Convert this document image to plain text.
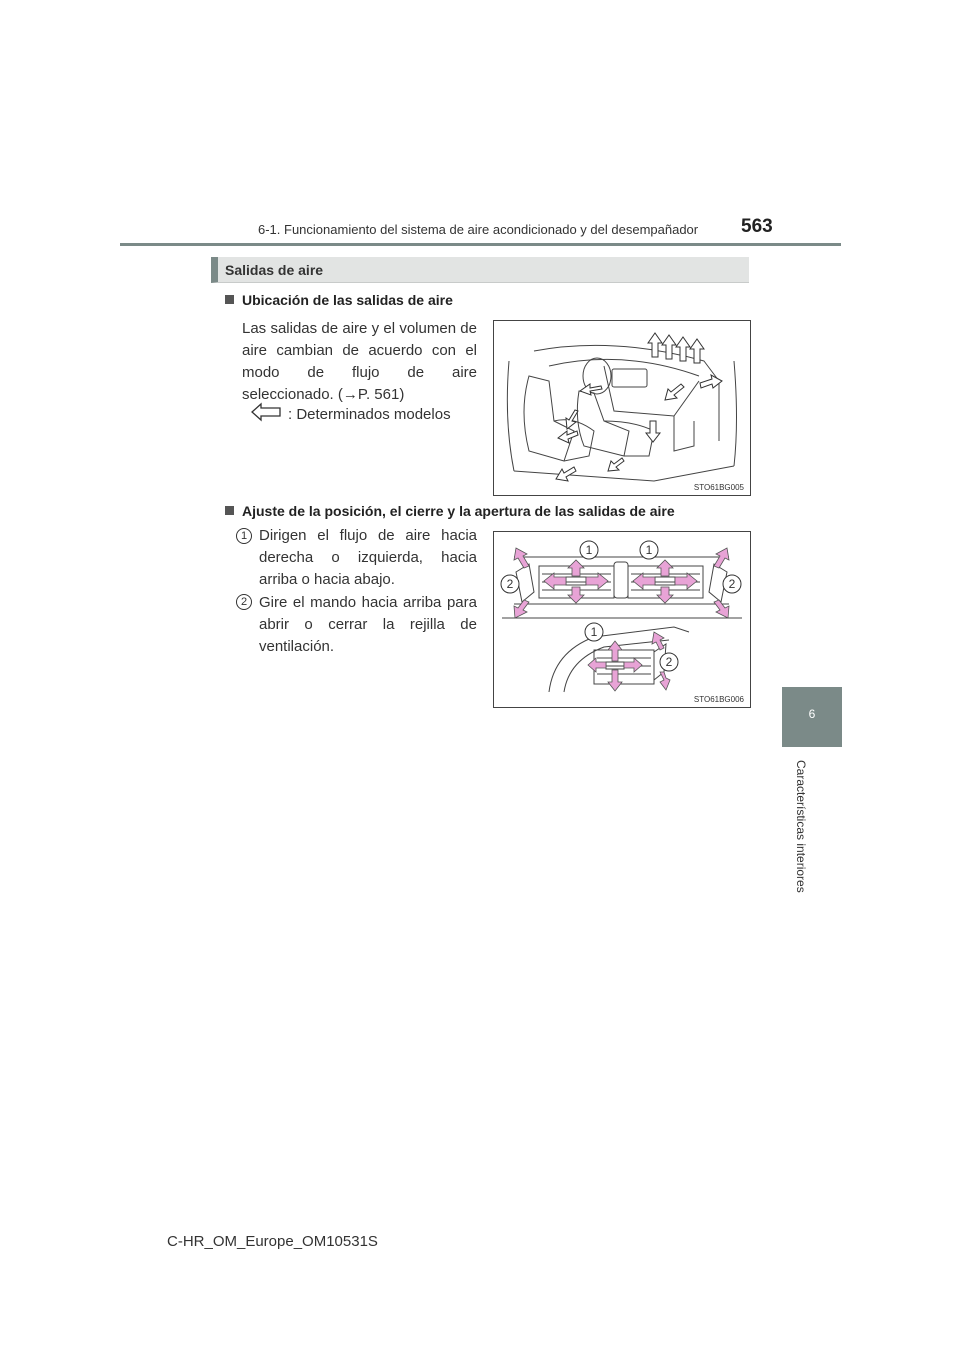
6-1. Funcionamiento del sistema de aire acondicionado y del desempañador 563
6
Características interiores
Salidas de aire
Ubicación de las salidas de aire
Las salidas de aire y el volumen de
aire cambian de acuerdo con el
modo de flujo de aire
seleccionado. (→P. 561)
: Determinados modelos
STO61BG005
Ajuste de la posición, el cierre y la apertura de las salidas de aire
1 Dirigen el flujo de aire hacia
derecha o izquierda, hacia
arriba o hacia abajo.
2 Gire el mando hacia arriba para
abrir o cerrar la rejilla de
ventilación.
1	1
2	2
1
2
STO61BG006
C-HR_OM_Europe_OM10531S
